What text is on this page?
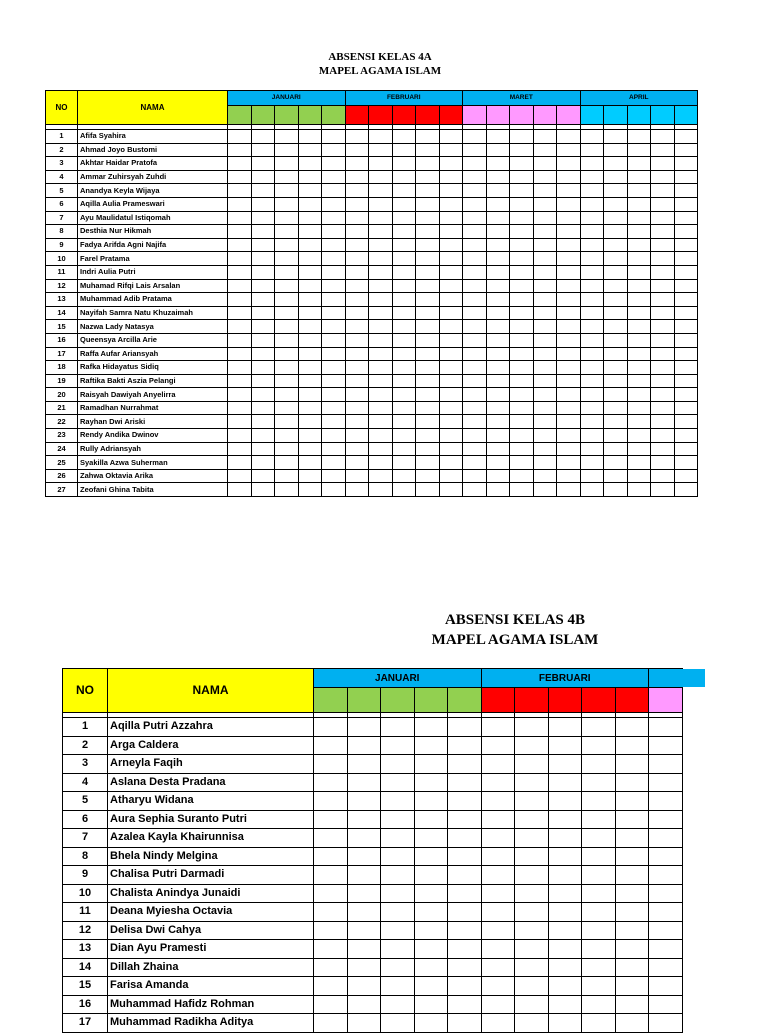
ABSENSI KELAS 4A
MAPEL AGAMA ISLAM
NO	NAMA	JANUARI					FEBRUARI					MARET					APRIL				

1	Afifa Syahira																				
2	Ahmad Joyo Bustomi																				
3	Akhtar Haidar Pratofa																				
4	Ammar Zuhirsyah Zuhdi																				
5	Anandya Keyla Wijaya																				
6	Aqilla Aulia Prameswari																				
7	Ayu Maulidatul Istiqomah																				
8	Desthia Nur Hikmah																				
9	Fadya Arifda Agni Najifa																				
10	Farel Pratama																				
11	Indri Aulia Putri																				
12	Muhamad Rifqi Lais Arsalan																				
13	Muhammad Adib Pratama																				
14	Nayifah Samra Natu Khuzaimah																				
15	Nazwa Lady Natasya																				
16	Queensya Arcilla Arie																				
17	Raffa Aufar Ariansyah																				
18	Rafka Hidayatus Sidiq																				
19	Raftika Bakti Aszia Pelangi																				
20	Raisyah Dawiyah Anyelirra																				
21	Ramadhan Nurrahmat																				
22	Rayhan Dwi Ariski																				
23	Rendy Andika Dwinov																				
24	Rully Adriansyah																				
25	Syakilla Azwa Suherman																				
26	Zahwa Oktavia Arika																				
27	Zeofani Ghina Tabita																				
ABSENSI KELAS 4B
MAPEL AGAMA ISLAM
NO	NAMA	JANUARI					FEBRUARI					

1	Aqilla Putri Azzahra											
2	Arga Caldera											
3	Arneyla Faqih											
4	Aslana Desta Pradana											
5	Atharyu Widana											
6	Aura Sephia Suranto Putri											
7	Azalea Kayla Khairunnisa											
8	Bhela Nindy Melgina											
9	Chalisa Putri Darmadi											
10	Chalista Anindya Junaidi											
11	Deana Myiesha Octavia											
12	Delisa Dwi Cahya											
13	Dian Ayu Pramesti											
14	Dillah Zhaina											
15	Farisa Amanda											
16	Muhammad Hafidz Rohman											
17	Muhammad Radikha Aditya											
